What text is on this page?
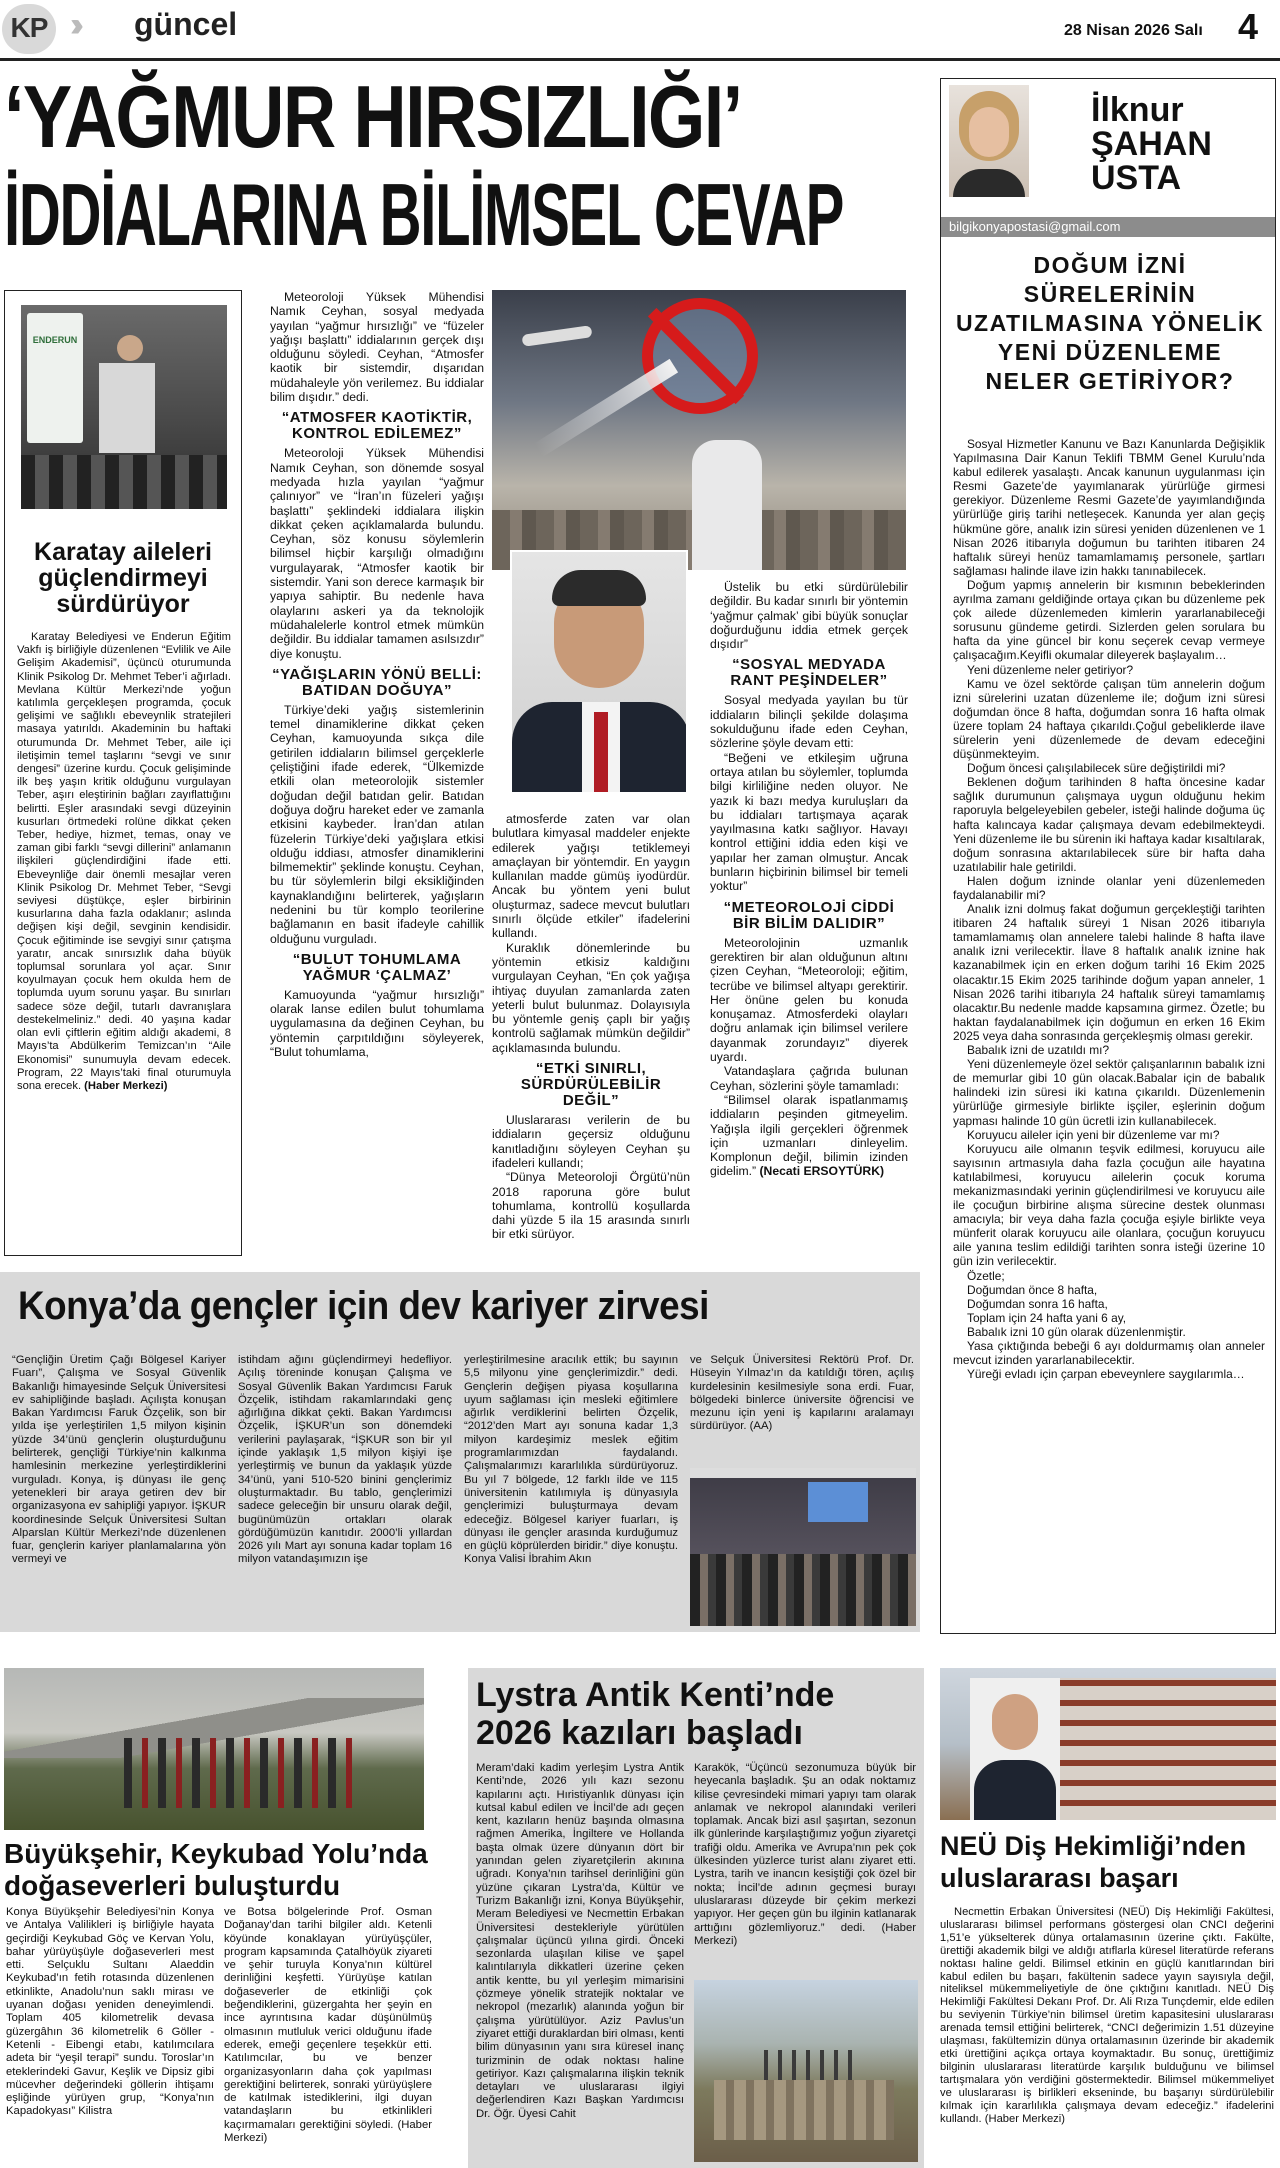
KP ››› güncel	28 Nisan 2026 Salı 4
‘YAĞMUR HIRSIZLIĞI’
İDDİALARINA BİLİMSEL CEVAP
ENDERUN
Karatay aileleri güçlendirmeyi sürdürüyor

Karatay Belediyesi ve Enderun Eğitim Vakfı iş birliğiyle düzenlenen “Evlilik ve Aile Gelişim Akademisi”, üçüncü oturumunda Klinik Psikolog Dr. Mehmet Teber’i ağırladı. Mevlana Kültür Merkezi’nde yoğun katılımla gerçekleşen programda, çocuk gelişimi ve sağlıklı ebeveynlik stratejileri masaya yatırıldı. Akademinin bu haftaki oturumunda Dr. Mehmet Teber, aile içi iletişimin temel taşlarını “sevgi ve sınır dengesi” üzerine kurdu. Çocuk gelişiminde ilk beş yaşın kritik olduğunu vurgulayan Teber, aşırı eleştirinin bağları zayıflattığını belirtti. Eşler arasındaki sevgi düzeyinin kusurları örtmedeki rolüne dikkat çeken Teber, hediye, hizmet, temas, onay ve zaman gibi farklı “sevgi dillerini” anlamanın ilişkileri güçlendirdiğini ifade etti. Ebeveynliğe dair önemli mesajlar veren Klinik Psikolog Dr. Mehmet Teber, “Sevgi seviyesi düştükçe, eşler birbirinin kusurlarına daha fazla odaklanır; aslında değişen kişi değil, sevginin kendisidir. Çocuk eğitiminde ise sevgiyi sınır çatışma yaratır, ancak sınırsızlık daha büyük toplumsal sorunlara yol açar. Sınır koyulmayan çocuk hem okulda hem de toplumda uyum sorunu yaşar. Bu sınırları sadece söze değil, tutarlı davranışlara destekelmeliniz.” dedi. 40 yaşına kadar olan evli çiftlerin eğitim aldığı akademi, 8 Mayıs’ta Abdülkerim Temizcan’ın “Aile Ekonomisi” sunumuyla devam edecek. Program, 22 Mayıs’taki final oturumuyla sona erecek. (Haber Merkezi)

Meteoroloji Yüksek Mühendisi Namık Ceyhan, sosyal medyada yayılan “yağmur hırsızlığı” ve “füzeler yağışı başlattı” iddialarının gerçek dışı olduğunu söyledi. Ceyhan, “Atmosfer kaotik bir sistemdir, dışarıdan müdahaleyle yön verilemez. Bu iddialar bilim dışıdır.” dedi.

“ATMOSFER KAOTİKTİR, KONTROL EDİLEMEZ”

Meteoroloji Yüksek Mühendisi Namık Ceyhan, son dönemde sosyal medyada hızla yayılan “yağmur çalınıyor” ve “İran’ın füzeleri yağışı başlattı” şeklindeki iddialara ilişkin dikkat çeken açıklamalarda bulundu. Ceyhan, söz konusu söylemlerin bilimsel hiçbir karşılığı olmadığını vurgulayarak, “Atmosfer kaotik bir sistemdir. Yani son derece karmaşık bir yapıya sahiptir. Bu nedenle hava olaylarını askeri ya da teknolojik müdahalelerle kontrol etmek mümkün değildir. Bu iddialar tamamen asılsızdır” diye konuştu.

“YAĞIŞLARIN YÖNÜ BELLİ: BATIDAN DOĞUYA”

Türkiye’deki yağış sistemlerinin temel dinamiklerine dikkat çeken Ceyhan, kamuoyunda sıkça dile getirilen iddiaların bilimsel gerçeklerle çeliştiğini ifade ederek, “Ülkemizde etkili olan meteorolojik sistemler doğudan değil batıdan gelir. Batıdan doğuya doğru hareket eder ve zamanla etkisini kaybeder. İran’dan atılan füzelerin Türkiye’deki yağışlara etkisi olduğu iddiası, atmosfer dinamiklerini bilmemektir” şeklinde konuştu. Ceyhan, bu tür söylemlerin bilgi eksikliğinden kaynaklandığını belirterek, yağışların nedenini bu tür komplo teorilerine bağlamanın en basit ifadeyle cahillik olduğunu vurguladı.

“BULUT TOHUMLAMA YAĞMUR ‘ÇALMAZ’

Kamuoyunda “yağmur hırsızlığı” olarak lanse edilen bulut tohumlama uygulamasına da değinen Ceyhan, bu yöntemin çarpıtıldığını söyleyerek, “Bulut tohumlama,

atmosferde zaten var olan bulutlara kimyasal maddeler enjekte edilerek yağışı tetiklemeyi amaçlayan bir yöntemdir. En yaygın kullanılan madde gümüş iyodürdür. Ancak bu yöntem yeni bulut oluşturmaz, sadece mevcut bulutları sınırlı ölçüde etkiler” ifadelerini kullandı.

Kuraklık dönemlerinde bu yöntemin etkisiz kaldığını vurgulayan Ceyhan, “En çok yağışa ihtiyaç duyulan zamanlarda zaten yeterli bulut bulunmaz. Dolayısıyla bu yöntemle geniş çaplı bir yağış kontrolü sağlamak mümkün değildir” açıklamasında bulundu.

“ETKİ SINIRLI, SÜRDÜRÜLEBİLİR DEĞİL”

Uluslararası verilerin de bu iddiaların geçersiz olduğunu kanıtladığını söyleyen Ceyhan şu ifadeleri kullandı;

“Dünya Meteoroloji Örgütü’nün 2018 raporuna göre bulut tohumlama, kontrollü koşullarda dahi yüzde 5 ila 15 arasında sınırlı bir etki sürüyor.

Üstelik bu etki sürdürülebilir değildir. Bu kadar sınırlı bir yöntemin ‘yağmur çalmak’ gibi büyük sonuçlar doğurduğunu iddia etmek gerçek dışıdır”

“SOSYAL MEDYADA RANT PEŞİNDELER”

Sosyal medyada yayılan bu tür iddiaların bilinçli şekilde dolaşıma sokulduğunu ifade eden Ceyhan, sözlerine şöyle devam etti:

“Beğeni ve etkileşim uğruna ortaya atılan bu söylemler, toplumda bilgi kirliliğine neden oluyor. Ne yazık ki bazı medya kuruluşları da bu iddiaları tartışmaya açarak yayılmasına katkı sağlıyor. Havayı kontrol ettiğini iddia eden kişi ve yapılar her zaman olmuştur. Ancak bunların hiçbirinin bilimsel bir temeli yoktur”

“METEOROLOJİ CİDDİ BİR BİLİM DALIDIR”

Meteorolojinin uzmanlık gerektiren bir alan olduğunun altını çizen Ceyhan, “Meteoroloji; eğitim, tecrübe ve bilimsel altyapı gerektirir. Her önüne gelen bu konuda konuşamaz. Atmosferdeki olayları doğru anlamak için bilimsel verilere dayanmak zorundayız” diyerek uyardı.

Vatandaşlara çağrıda bulunan Ceyhan, sözlerini şöyle tamamladı:

“Bilimsel olarak ispatlanmamış iddiaların peşinden gitmeyelim. Yağışla ilgili gerçekleri öğrenmek için uzmanları dinleyelim. Komplonun değil, bilimin izinden gidelim.” (Necati ERSOYTÜRK)

İlknur
ŞAHAN
USTA
bilgikonyapostasi@gmail.com
DOĞUM İZNİ SÜRELERİNİN UZATILMASINA YÖNELİK YENİ DÜZENLEME NELER GETİRİYOR?

Sosyal Hizmetler Kanunu ve Bazı Kanunlarda Değişiklik Yapılmasına Dair Kanun Teklifi TBMM Genel Kurulu’nda kabul edilerek yasalaştı. Ancak kanunun uygulanması için Resmi Gazete’de yayımlanarak yürürlüğe girmesi gerekiyor. Düzenleme Resmi Gazete’de yayımlandığında yürürlüğe giriş tarihi netleşecek. Kanunda yer alan geçiş hükmüne göre, analık izin süresi yeniden düzenlenen ve 1 Nisan 2026 itibarıyla doğumun bu tarihten itibaren 24 haftalık süreyi henüz tamamlamamış personele, şartları sağlaması halinde ilave izin hakkı tanınabilecek.

Doğum yapmış annelerin bir kısmının bebeklerinden ayrılma zamanı geldiğinde ortaya çıkan bu düzenleme pek çok ailede düzenlemeden kimlerin yararlanabileceği sorusunu gündeme getirdi. Sizlerden gelen sorulara bu hafta da yine güncel bir konu seçerek cevap vermeye çalışacağım.Keyifli okumalar dileyerek başlayalım…

Yeni düzenleme neler getiriyor?

Kamu ve özel sektörde çalışan tüm annelerin doğum izni sürelerini uzatan düzenleme ile; doğum izni süresi doğumdan önce 8 hafta, doğumdan sonra 16 hafta olmak üzere toplam 24 haftaya çıkarıldı.Çoğul gebeliklerde ilave sürelerin yeni düzenlemede de devam edeceğini düşünmekteyim.

Doğum öncesi çalışılabilecek süre değiştirildi mi?

Beklenen doğum tarihinden 8 hafta öncesine kadar sağlık durumunun çalışmaya uygun olduğunu hekim raporuyla belgeleyebilen gebeler, isteği halinde doğuma üç hafta kalıncaya kadar çalışmaya devam edebilmekteydi. Yeni düzenleme ile bu sürenin iki haftaya kadar kısaltılarak, doğum sonrasına aktarılabilecek süre bir hafta daha uzatılabilir hale getirildi.

Halen doğum izninde olanlar yeni düzenlemeden faydalanabilir mi?

Analık izni dolmuş fakat doğumun gerçekleştiği tarihten itibaren 24 haftalık süreyi 1 Nisan 2026 itibarıyla tamamlamamış olan annelere talebi halinde 8 hafta ilave analık izni verilecektir. İlave 8 haftalık analık iznine hak kazanabilmek için en erken doğum tarihi 16 Ekim 2025 olacaktır.15 Ekim 2025 tarihinde doğum yapan anneler, 1 Nisan 2026 tarihi itibarıyla 24 haftalık süreyi tamamlamış olacaktır.Bu nedenle madde kapsamına girmez. Özetle; bu haktan faydalanabilmek için doğumun en erken 16 Ekim 2025 veya daha sonrasında gerçekleşmiş olması gerekir.

Babalık izni de uzatıldı mı?

Yeni düzenlemeyle özel sektör çalışanlarının babalık izni de memurlar gibi 10 gün olacak.Babalar için de babalık halindeki izin süresi iki katına çıkarıldı. Düzenlemenin yürürlüğe girmesiyle birlikte işçiler, eşlerinin doğum yapması halinde 10 gün ücretli izin kullanabilecek.

Koruyucu aileler için yeni bir düzenleme var mı?

Koruyucu aile olmanın teşvik edilmesi, koruyucu aile sayısının artmasıyla daha fazla çocuğun aile hayatına katılabilmesi, koruyucu ailelerin çocuk koruma mekanizmasındaki yerinin güçlendirilmesi ve koruyucu aile ile çocuğun birbirine alışma sürecine destek olunması amacıyla; bir veya daha fazla çocuğa eşiyle birlikte veya münferit olarak koruyucu aile olanlara, çocuğun koruyucu aile yanına teslim edildiği tarihten sonra isteği üzerine 10 gün izin verilecektir.

Özetle;

Doğumdan önce 8 hafta,

Doğumdan sonra 16 hafta,

Toplam için 24 hafta yani 6 ay,

Babalık izni 10 gün olarak düzenlenmiştir.

Yasa çıktığında bebeği 6 ayı doldurmamış olan anneler mevcut izinden yararlanabilecektir.

Yüreği evladı için çarpan ebeveynlere saygılarımla…

Konya’da gençler için dev kariyer zirvesi
“Gençliğin Üretim Çağı Bölgesel Kariyer Fuarı”, Çalışma ve Sosyal Güvenlik Bakanlığı himayesinde Selçuk Üniversitesi ev sahipliğinde başladı. Açılışta konuşan Bakan Yardımcısı Faruk Özçelik, son bir yılda işe yerleştirilen 1,5 milyon kişinin yüzde 34’ünü gençlerin oluşturduğunu belirterek, gençliği Türkiye’nin kalkınma hamlesinin merkezine yerleştirdiklerini vurguladı. Konya, iş dünyası ile genç yetenekleri bir araya getiren dev bir organizasyona ev sahipliği yapıyor. İŞKUR koordinesinde Selçuk Üniversitesi Sultan Alparslan Kültür Merkezi’nde düzenlenen fuar, gençlerin kariyer planlamalarına yön vermeyi ve
istihdam ağını güçlendirmeyi hedefliyor. Açılış töreninde konuşan Çalışma ve Sosyal Güvenlik Bakan Yardımcısı Faruk Özçelik, istihdam rakamlarındaki genç ağırlığına dikkat çekti. Bakan Yardımcısı Özçelik, İŞKUR’un son dönemdeki verilerini paylaşarak, “İŞKUR son bir yıl içinde yaklaşık 1,5 milyon kişiyi işe yerleştirmiş ve bunun da yaklaşık yüzde 34’ünü, yani 510-520 binini gençlerimiz oluşturmaktadır. Bu tablo, gençlerimizi sadece geleceğin bir unsuru olarak değil, bugünümüzün ortakları olarak gördüğümüzün kanıtıdır. 2000’li yıllardan 2026 yılı Mart ayı sonuna kadar toplam 16 milyon vatandaşımızın işe
yerleştirilmesine aracılık ettik; bu sayının 5,5 milyonu yine gençlerimizdir.” dedi. Gençlerin değişen piyasa koşullarına uyum sağlaması için mesleki eğitimlere ağırlık verdiklerini belirten Özçelik, “2012’den Mart ayı sonuna kadar 1,3 milyon kardeşimiz meslek eğitim programlarımızdan faydalandı. Çalışmalarımızı kararlılıkla sürdürüyoruz. Bu yıl 7 bölgede, 12 farklı ilde ve 115 üniversitenin katılımıyla iş dünyasıyla gençlerimizi buluşturmaya devam edeceğiz. Bölgesel kariyer fuarları, iş dünyası ile gençler arasında kurduğumuz en güçlü köprülerden biridir.” diye konuştu. Konya Valisi İbrahim Akın
ve Selçuk Üniversitesi Rektörü Prof. Dr. Hüseyin Yılmaz’ın da katıldığı tören, açılış kurdelesinin kesilmesiyle sona erdi. Fuar, bölgedeki binlerce üniversite öğrencisi ve mezunu için yeni iş kapılarını aralamayı sürdürüyor. (AA)
Büyükşehir, Keykubad Yolu’nda doğaseverleri buluşturdu
Konya Büyükşehir Belediyesi’nin Konya ve Antalya Valilikleri iş birliğiyle hayata geçirdiği Keykubad Göç ve Kervan Yolu, bahar yürüyüşüyle doğaseverleri mest etti. Selçuklu Sultanı Alaeddin Keykubad’ın fetih rotasında düzenlenen etkinlikte, Anadolu’nun saklı mirası ve uyanan doğası yeniden deneyimlendi. Toplam 405 kilometrelik devasa güzergâhın 36 kilometrelik 6 Göller - Ketenli - Eibengi etabı, katılımcılara adeta bir “yeşil terapi” sundu. Toroslar’ın eteklerindeki Gavur, Keşlik ve Dipsiz gibi mücevher değerindeki göllerin ihtişamı eşliğinde yürüyen grup, “Konya’nın Kapadokyası” Kilistra
ve Botsa bölgelerinde Prof. Osman Doğanay’dan tarihi bilgiler aldı. Ketenli köyünde konaklayan yürüyüşçüler, program kapsamında Çatalhöyük ziyareti ve şehir turuyla Konya’nın kültürel derinliğini keşfetti. Yürüyüşe katılan doğaseverler de etkinliği çok beğendiklerini, güzergahta her şeyin en ince ayrıntısına kadar düşünülmüş olmasının mutluluk verici olduğunu ifade ederek, emeği geçenlere teşekkür etti. Katılımcılar, bu ve benzer organizasyonların daha çok yapılması gerektiğini belirterek, sonraki yürüyüşlere de katılmak istediklerini, ilgi duyan vatandaşların bu etkinlikleri kaçırmamaları gerektiğini söyledi. (Haber Merkezi)
Lystra Antik Kenti’nde
2026 kazıları başladı
Meram’daki kadim yerleşim Lystra Antik Kenti’nde, 2026 yılı kazı sezonu kapılarını açtı. Hıristiyanlık dünyası için kutsal kabul edilen ve İncil’de adı geçen kent, kazıların henüz başında olmasına rağmen Amerika, İngiltere ve Hollanda başta olmak üzere dünyanın dört bir yanından gelen ziyaretçilerin akınına uğradı. Konya’nın tarihsel derinliğini gün yüzüne çıkaran Lystra’da, Kültür ve Turizm Bakanlığı izni, Konya Büyükşehir, Meram Belediyesi ve Necmettin Erbakan Üniversitesi destekleriyle yürütülen çalışmalar üçüncü yılına girdi. Önceki sezonlarda ulaşılan kilise ve şapel kalıntılarıyla dikkatleri üzerine çeken antik kentte, bu yıl yerleşim mimarisini çözmeye yönelik stratejik noktalar ve nekropol (mezarlık) alanında yoğun bir çalışma yürütülüyor. Aziz Pavlus’un ziyaret ettiği duraklardan biri olması, kenti bilim dünyasının yanı sıra küresel inanç turizminin de odak noktası haline getiriyor. Kazı çalışmalarına ilişkin teknik detayları ve uluslararası ilgiyi değerlendiren Kazı Başkan Yardımcısı Dr. Öğr. Üyesi Cahit
Karakök, “Üçüncü sezonumuza büyük bir heyecanla başladık. Şu an odak noktamız kilise çevresindeki mimari yapıyı tam olarak anlamak ve nekropol alanındaki verileri toplamak. Ancak bizi asıl şaşırtan, sezonun ilk günlerinde karşılaştığımız yoğun ziyaretçi trafiği oldu. Amerika ve Avrupa’nın pek çok ülkesinden yüzlerce turist alanı ziyaret etti. Lystra, tarih ve inancın kesiştiği çok özel bir nokta; İncil’de adının geçmesi burayı uluslararası düzeyde bir çekim merkezi yapıyor. Her geçen gün bu ilginin katlanarak arttığını gözlemliyoruz.” dedi. (Haber Merkezi)
NEÜ Diş Hekimliği’nden
uluslararası başarı

Necmettin Erbakan Üniversitesi (NEÜ) Diş Hekimliği Fakültesi, uluslararası bilimsel performans göstergesi olan CNCI değerini 1,51’e yükselterek dünya ortalamasının üzerine çıktı. Fakülte, ürettiği akademik bilgi ve aldığı atıflarla küresel literatürde referans noktası haline geldi. Bilimsel etkinin en güçlü kanıtlarından biri kabul edilen bu başarı, fakültenin sadece yayın sayısıyla değil, niteliksel mükemmeliyetiyle de öne çıktığını kanıtladı. NEÜ Diş Hekimliği Fakültesi Dekanı Prof. Dr. Ali Rıza Tunçdemir, elde edilen bu seviyenin Türkiye’nin bilimsel üretim kapasitesini uluslararası arenada temsil ettiğini belirterek, “CNCI değerimizin 1.51 düzeyine ulaşması, fakültemizin dünya ortalamasının üzerinde bir akademik etki ürettiğini açıkça ortaya koymaktadır. Bu sonuç, ürettiğimiz bilginin uluslararası literatürde karşılık bulduğunu ve bilimsel tartışmalara yön verdiğini göstermektedir. Bilimsel mükemmeliyet ve uluslararası iş birlikleri ekseninde, bu başarıyı sürdürülebilir kılmak için kararlılıkla çalışmaya devam edeceğiz.” ifadelerini kullandı. (Haber Merkezi)
